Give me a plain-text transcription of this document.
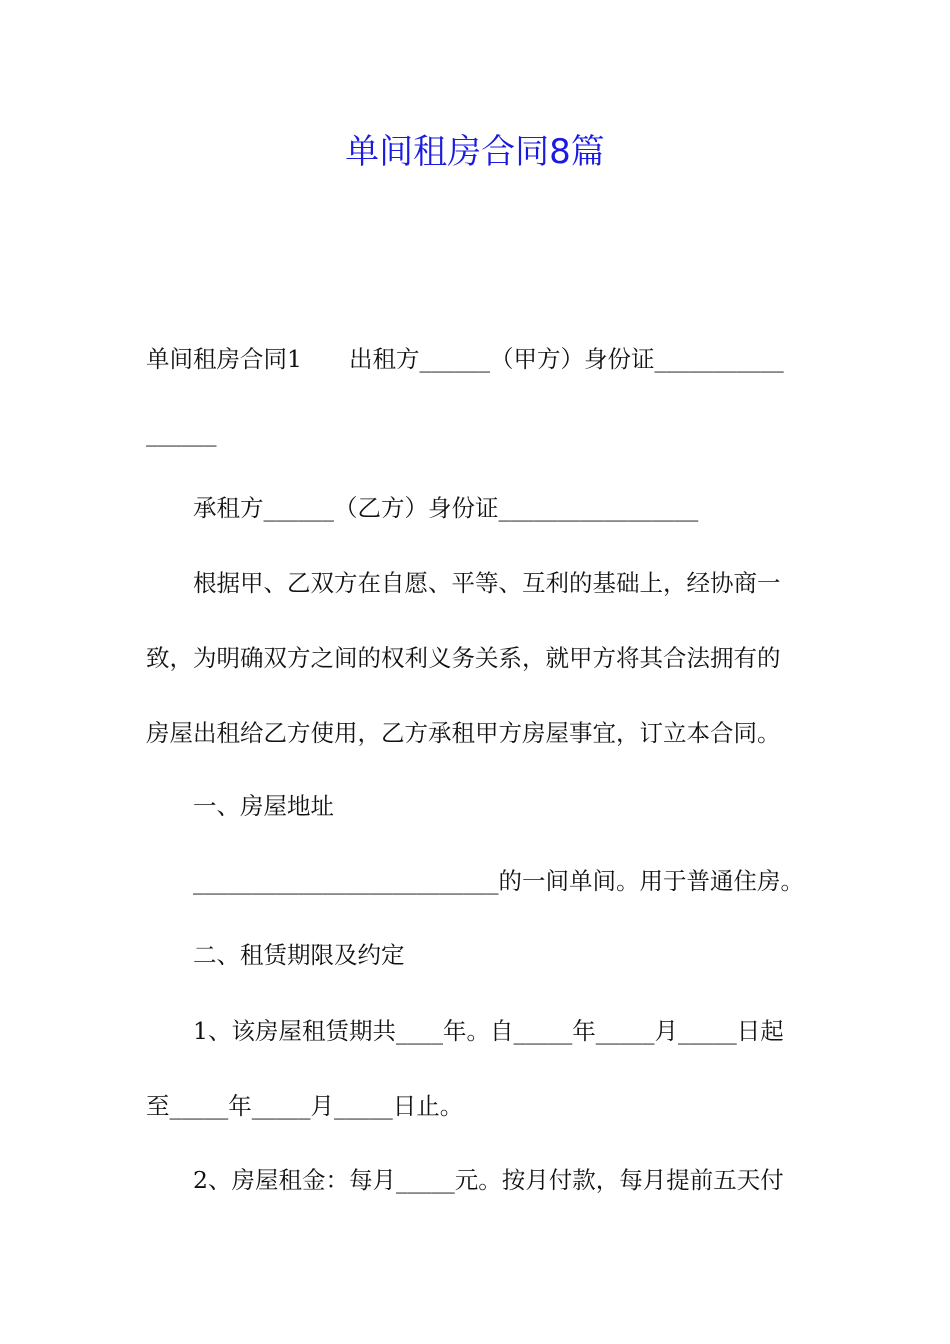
单间租房合同8篇
单间租房合同1　　出租方______（甲方）身份证___________
______
承租方______（乙方）身份证_________________
根据甲、乙双方在自愿、平等、互利的基础上，经协商一
致，为明确双方之间的权利义务关系，就甲方将其合法拥有的
房屋出租给乙方使用，乙方承租甲方房屋事宜，订立本合同。
一、房屋地址
__________________________的一间单间。用于普通住房。
二、租赁期限及约定
1、该房屋租赁期共____年。自_____年_____月_____日起
至_____年_____月_____日止。
2、房屋租金：每月_____元。按月付款，每月提前五天付
